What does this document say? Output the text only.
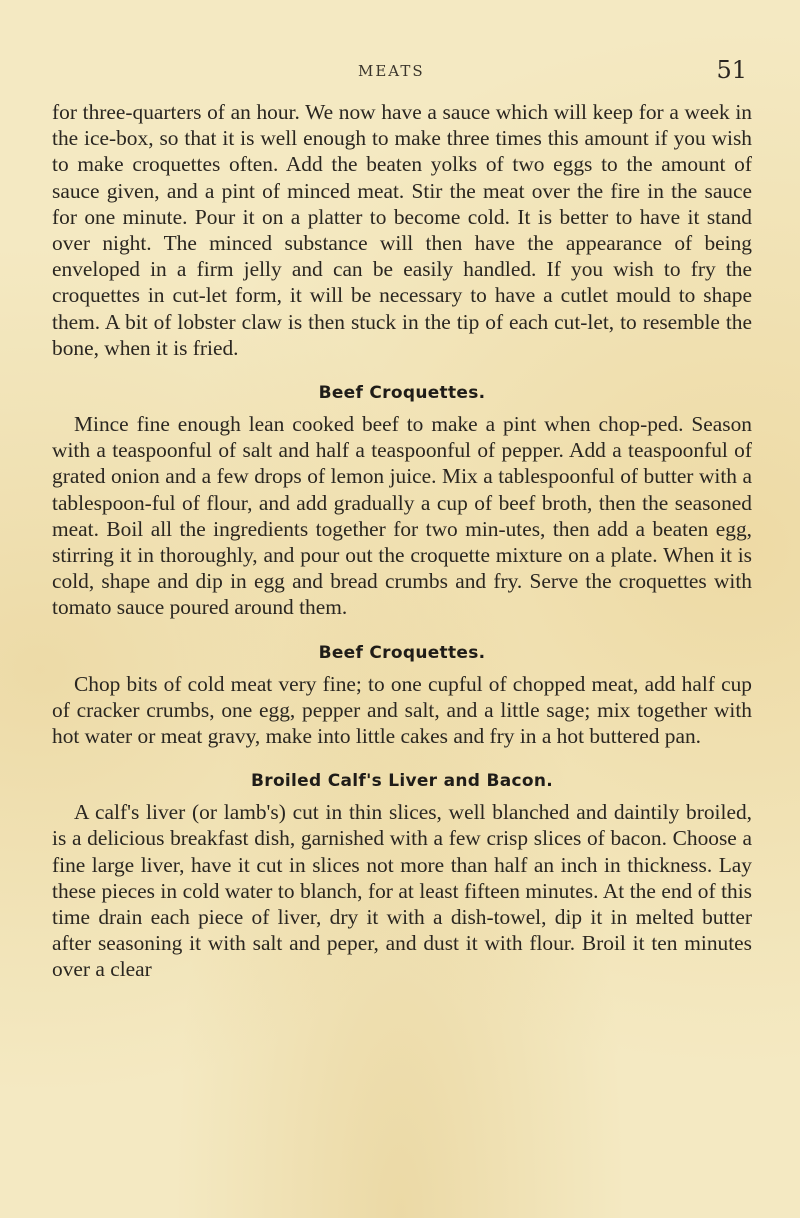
MEATS	51

for three-quarters of an hour. We now have a sauce which will keep for a week in the ice-box, so that it is well enough to make three times this amount if you wish to make croquettes often. Add the beaten yolks of two eggs to the amount of sauce given, and a pint of minced meat. Stir the meat over the fire in the sauce for one minute. Pour it on a platter to become cold. It is better to have it stand over night. The minced substance will then have the appearance of being enveloped in a firm jelly and can be easily handled. If you wish to fry the croquettes in cut-let form, it will be necessary to have a cutlet mould to shape them. A bit of lobster claw is then stuck in the tip of each cut-let, to resemble the bone, when it is fried.

Beef Croquettes.

Mince fine enough lean cooked beef to make a pint when chop-ped. Season with a teaspoonful of salt and half a teaspoonful of pepper. Add a teaspoonful of grated onion and a few drops of lemon juice. Mix a tablespoonful of butter with a tablespoon-ful of flour, and add gradually a cup of beef broth, then the seasoned meat. Boil all the ingredients together for two min-utes, then add a beaten egg, stirring it in thoroughly, and pour out the croquette mixture on a plate. When it is cold, shape and dip in egg and bread crumbs and fry. Serve the croquettes with tomato sauce poured around them.

Beef Croquettes.

Chop bits of cold meat very fine; to one cupful of chopped meat, add half cup of cracker crumbs, one egg, pepper and salt, and a little sage; mix together with hot water or meat gravy, make into little cakes and fry in a hot buttered pan.

Broiled Calf's Liver and Bacon.

A calf's liver (or lamb's) cut in thin slices, well blanched and daintily broiled, is a delicious breakfast dish, garnished with a few crisp slices of bacon. Choose a fine large liver, have it cut in slices not more than half an inch in thickness. Lay these pieces in cold water to blanch, for at least fifteen minutes. At the end of this time drain each piece of liver, dry it with a dish-towel, dip it in melted butter after seasoning it with salt and peper, and dust it with flour. Broil it ten minutes over a clear
